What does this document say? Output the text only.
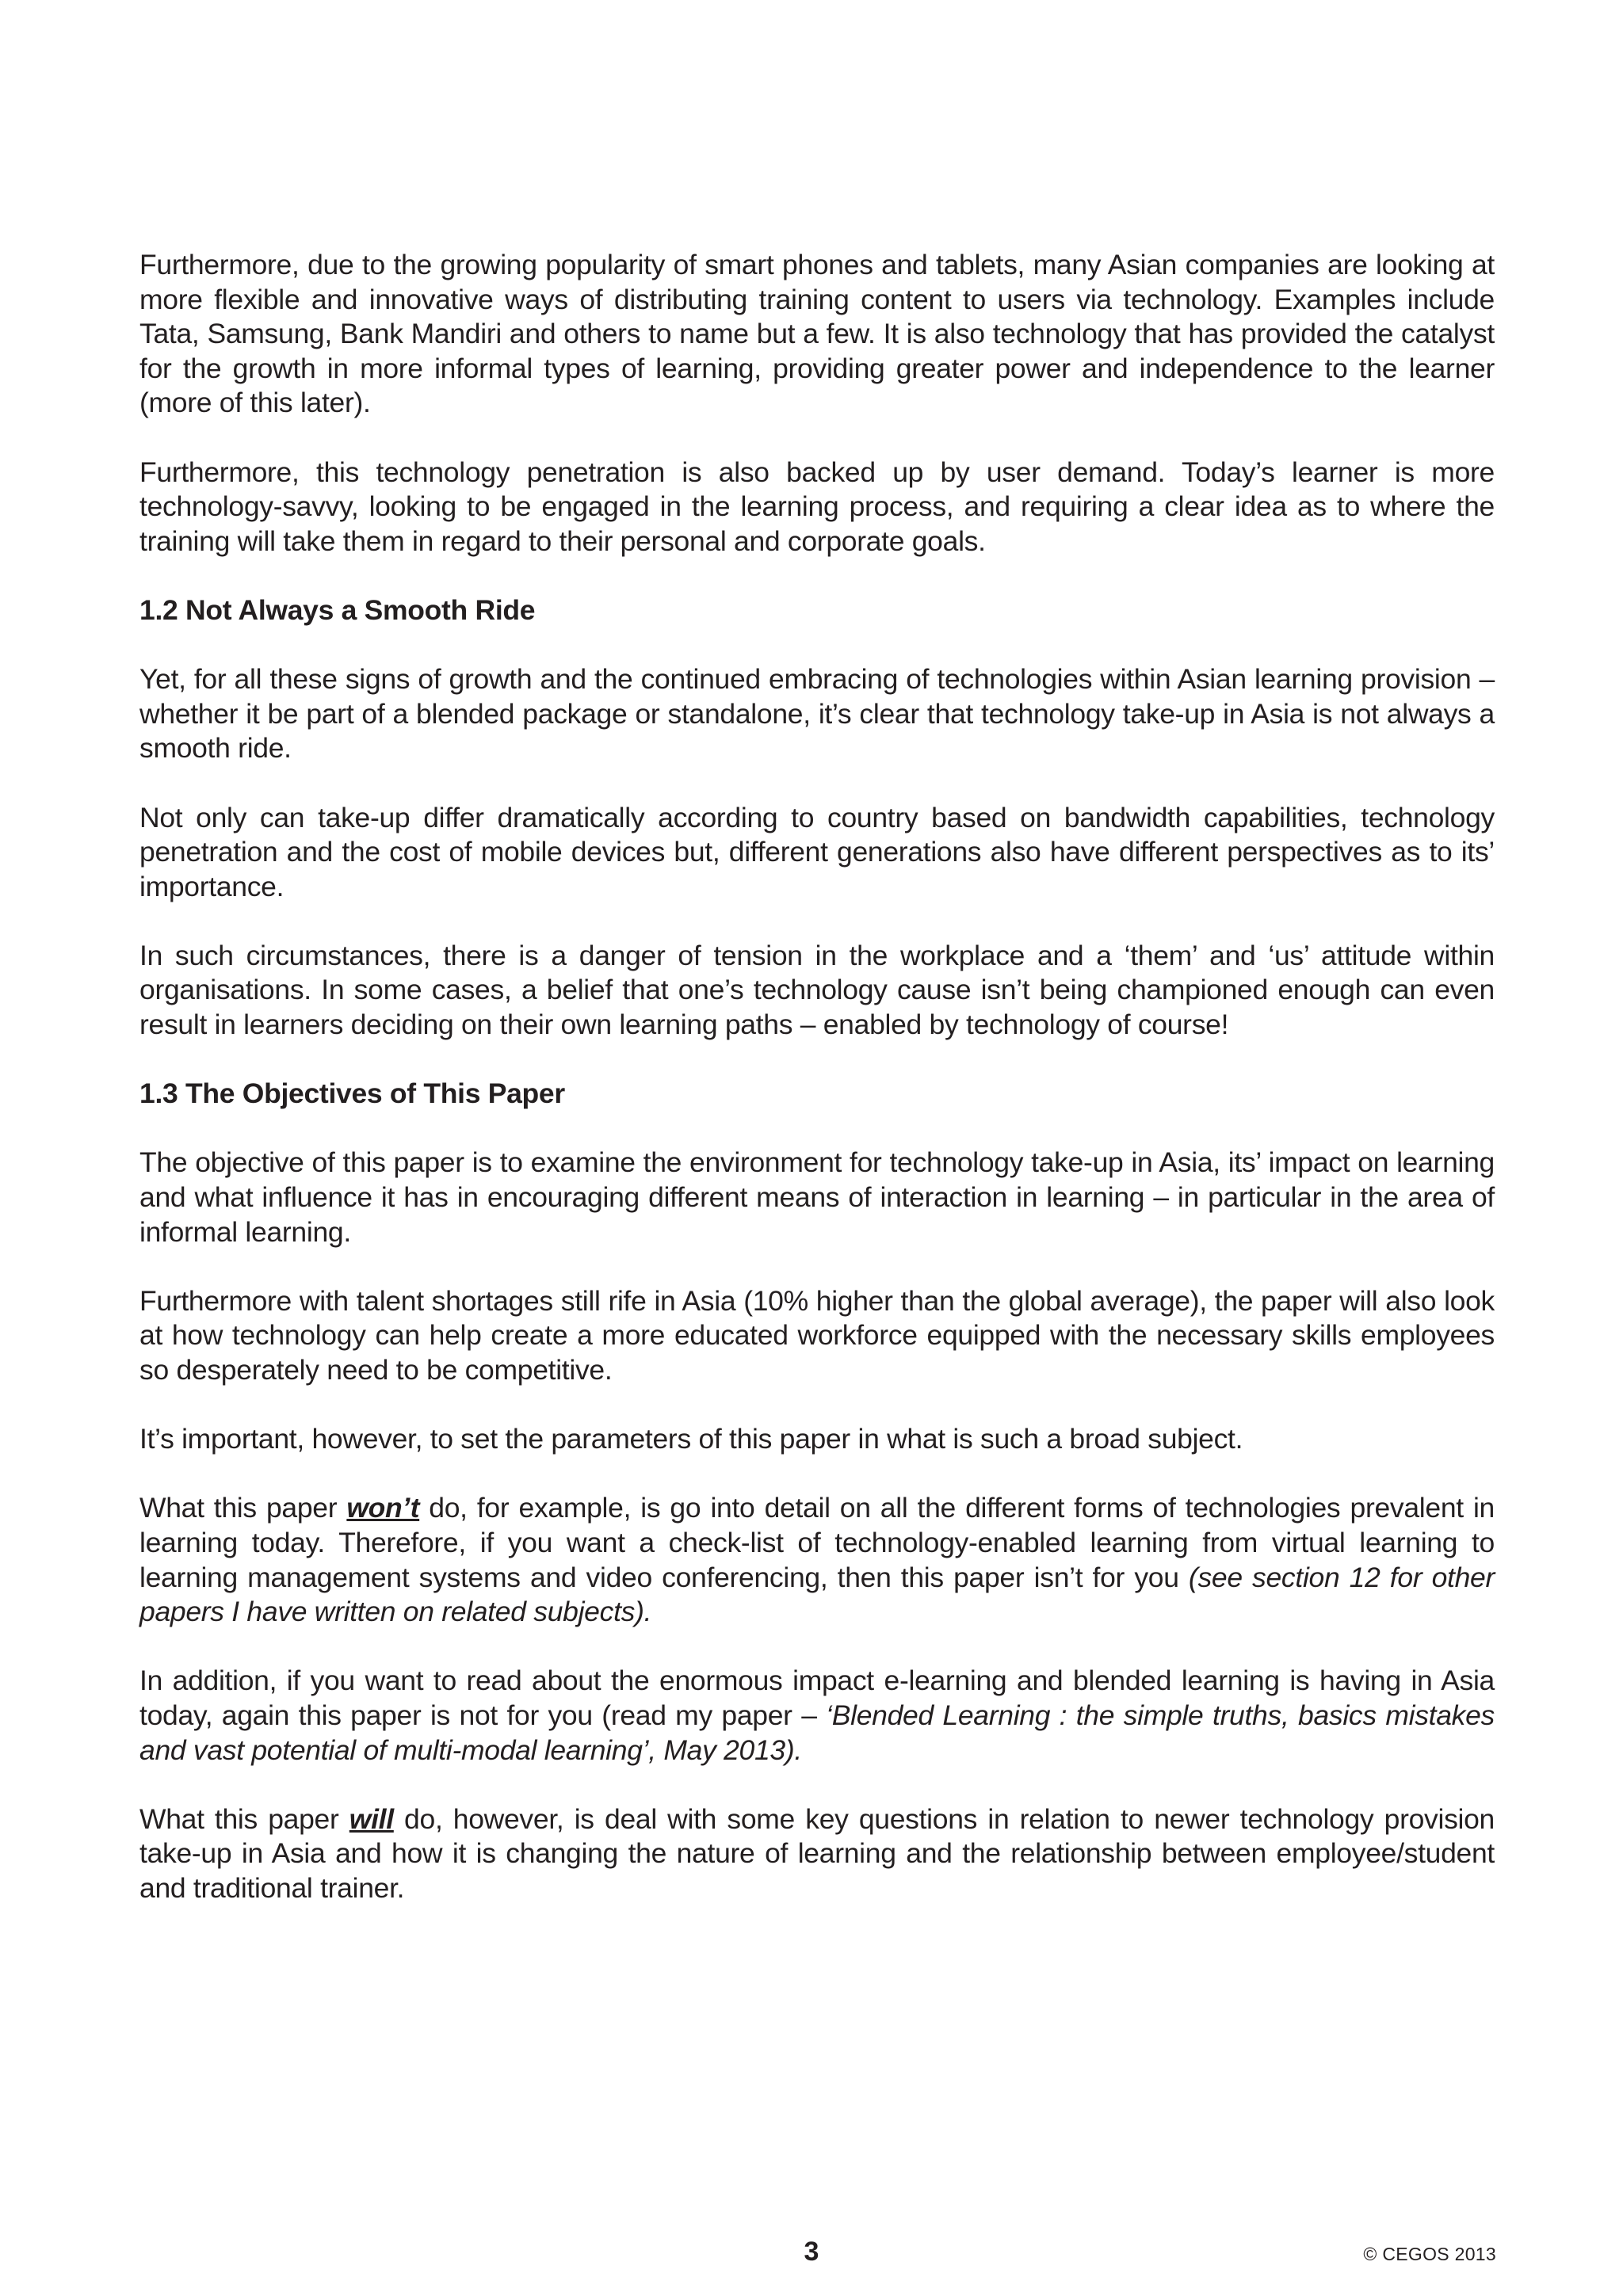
Furthermore, due to the growing popularity of smart phones and tablets, many Asian companies are looking at more flexible and innovative ways of distributing training content to users via technology. Examples include Tata, Samsung, Bank Mandiri and others to name but a few. It is also technology that has provided the catalyst for the growth in more informal types of learning, providing greater power and independence to the learner (more of this later).

Furthermore, this technology penetration is also backed up by user demand. Today’s learner is more technology-savvy, looking to be engaged in the learning process, and requiring a clear idea as to where the training will take them in regard to their personal and corporate goals.

1.2 Not Always a Smooth Ride

Yet, for all these signs of growth and the continued embracing of technologies within Asian learning provision – whether it be part of a blended package or standalone, it’s clear that technology take-up in Asia is not always a smooth ride.

Not only can take-up differ dramatically according to country based on bandwidth capabilities, technology penetration and the cost of mobile devices but, different generations also have different perspectives as to its’ importance.

In such circumstances, there is a danger of tension in the workplace and a ‘them’ and ‘us’ attitude within organisations. In some cases, a belief that one’s technology cause isn’t being championed enough can even result in learners deciding on their own learning paths – enabled by technology of course!

1.3 The Objectives of This Paper

The objective of this paper is to examine the environment for technology take-up in Asia, its’ impact on learning and what influence it has in encouraging different means of interaction in learning – in particular in the area of informal learning.

Furthermore with talent shortages still rife in Asia (10% higher than the global average), the paper will also look at how technology can help create a more educated workforce equipped with the necessary skills employees so desperately need to be competitive.

It’s important, however, to set the parameters of this paper in what is such a broad subject.

What this paper won’t do, for example, is go into detail on all the different forms of technologies prevalent in learning today. Therefore, if you want a check-list of technology-enabled learning from virtual learning to learning management systems and video conferencing, then this paper isn’t for you (see section 12 for other papers I have written on related subjects).

In addition, if you want to read about the enormous impact e-learning and blended learning is having in Asia today, again this paper is not for you (read my paper – ‘Blended Learning : the simple truths, basics mistakes and vast potential of multi-modal learning’, May 2013).

What this paper will do, however, is deal with some key questions in relation to newer technology provision take-up in Asia and how it is changing the nature of learning and the relationship between employee/student and traditional trainer.

3	© CEGOS 2013
